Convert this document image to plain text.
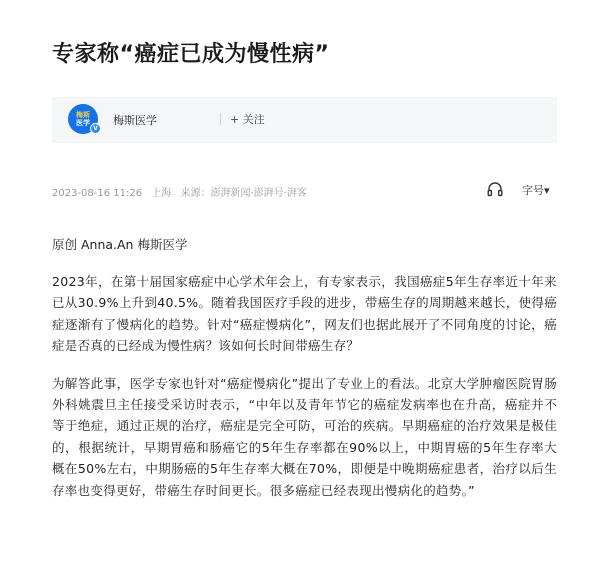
专家称“癌症已成为慢性病”
梅斯
医学
V
梅斯医学	+ 关注
2023-08-16 11:26 上海 来源：澎湃新闻·澎湃号·湃客	字号▾

原创 Anna.An 梅斯医学

2023年，在第十届国家癌症中心学术年会上，有专家表示，我国癌症5年生存率近十年来已从30.9%上升到40.5%。随着我国医疗手段的进步，带癌生存的周期越来越长，使得癌症逐渐有了慢病化的趋势。针对“癌症慢病化”，网友们也据此展开了不同角度的讨论，癌症是否真的已经成为慢性病？该如何长时间带癌生存？

为解答此事，医学专家也针对“癌症慢病化”提出了专业上的看法。北京大学肿瘤医院胃肠外科姚震旦主任接受采访时表示，“中年以及青年节它的癌症发病率也在升高，癌症并不等于绝症，通过正规的治疗，癌症是完全可防，可治的疾病。早期癌症的治疗效果是极佳的，根据统计，早期胃癌和肠癌它的5年生存率都在90%以上，中期胃癌的5年生存率大概在50%左右，中期肠癌的5年生存率大概在70%，即便是中晚期癌症患者，治疗以后生存率也变得更好，带癌生存时间更长。很多癌症已经表现出慢病化的趋势。”
